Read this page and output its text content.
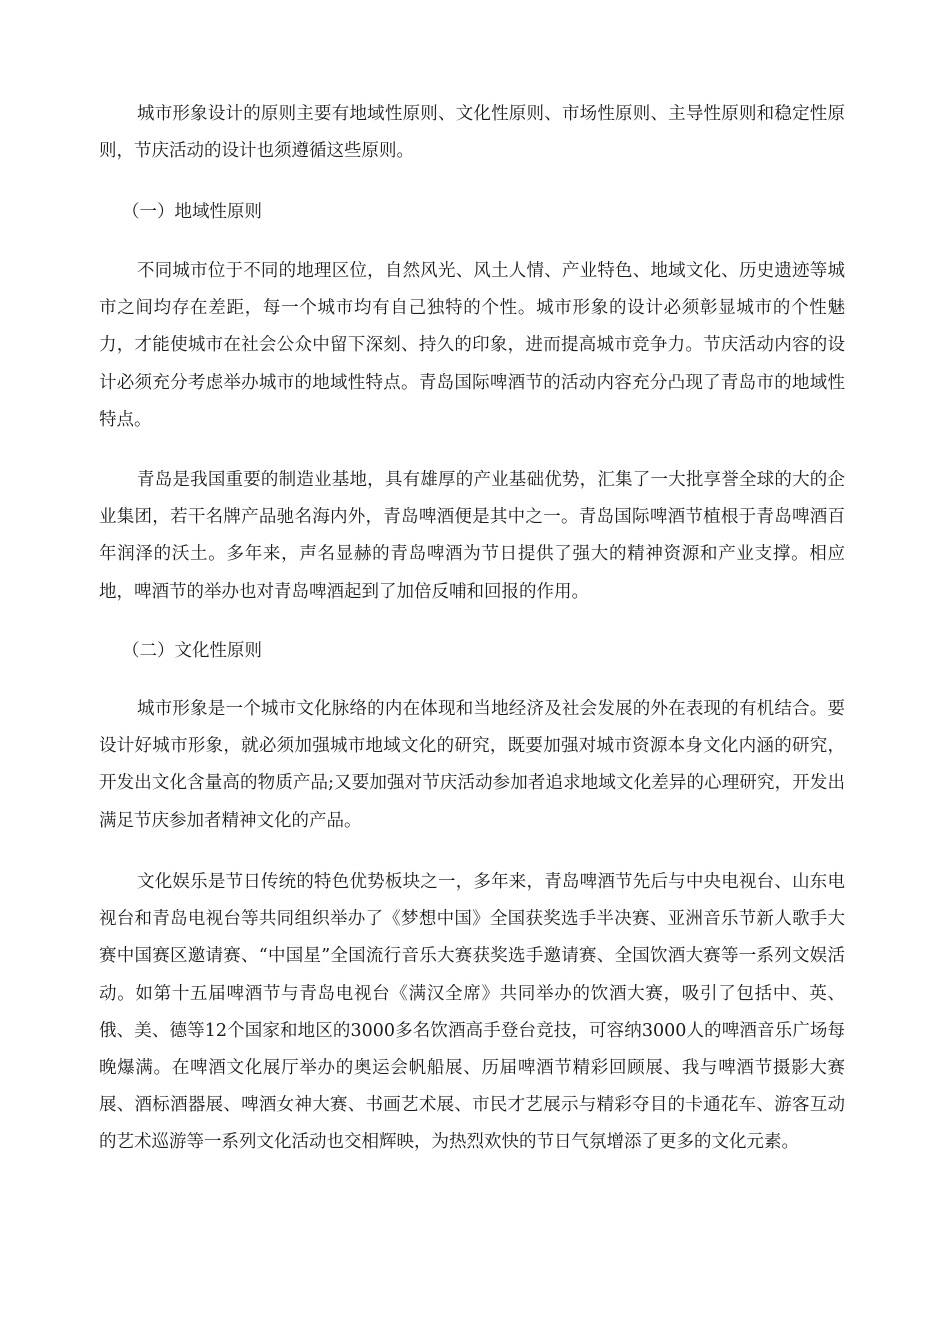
城市形象设计的原则主要有地域性原则、文化性原则、市场性原则、主导性原则和稳定性原则，节庆活动的设计也须遵循这些原则。

（一）地域性原则

不同城市位于不同的地理区位，自然风光、风土人情、产业特色、地域文化、历史遗迹等城市之间均存在差距，每一个城市均有自己独特的个性。城市形象的设计必须彰显城市的个性魅力，才能使城市在社会公众中留下深刻、持久的印象，进而提高城市竞争力。节庆活动内容的设计必须充分考虑举办城市的地域性特点。青岛国际啤酒节的活动内容充分凸现了青岛市的地域性特点。

青岛是我国重要的制造业基地，具有雄厚的产业基础优势，汇集了一大批享誉全球的大的企业集团，若干名牌产品驰名海内外，青岛啤酒便是其中之一。青岛国际啤酒节植根于青岛啤酒百年润泽的沃土。多年来，声名显赫的青岛啤酒为节日提供了强大的精神资源和产业支撑。相应地，啤酒节的举办也对青岛啤酒起到了加倍反哺和回报的作用。

（二）文化性原则

城市形象是一个城市文化脉络的内在体现和当地经济及社会发展的外在表现的有机结合。要设计好城市形象，就必须加强城市地域文化的研究，既要加强对城市资源本身文化内涵的研究，开发出文化含量高的物质产品;又要加强对节庆活动参加者追求地域文化差异的心理研究，开发出满足节庆参加者精神文化的产品。

文化娱乐是节日传统的特色优势板块之一，多年来，青岛啤酒节先后与中央电视台、山东电视台和青岛电视台等共同组织举办了《梦想中国》全国获奖选手半决赛、亚洲音乐节新人歌手大赛中国赛区邀请赛、“中国星”全国流行音乐大赛获奖选手邀请赛、全国饮酒大赛等一系列文娱活动。如第十五届啤酒节与青岛电视台《满汉全席》共同举办的饮酒大赛，吸引了包括中、英、俄、美、德等12个国家和地区的3000多名饮酒高手登台竞技，可容纳3000人的啤酒音乐广场每晚爆满。在啤酒文化展厅举办的奥运会帆船展、历届啤酒节精彩回顾展、我与啤酒节摄影大赛展、酒标酒器展、啤酒女神大赛、书画艺术展、市民才艺展示与精彩夺目的卡通花车、游客互动的艺术巡游等一系列文化活动也交相辉映，为热烈欢快的节日气氛增添了更多的文化元素。
